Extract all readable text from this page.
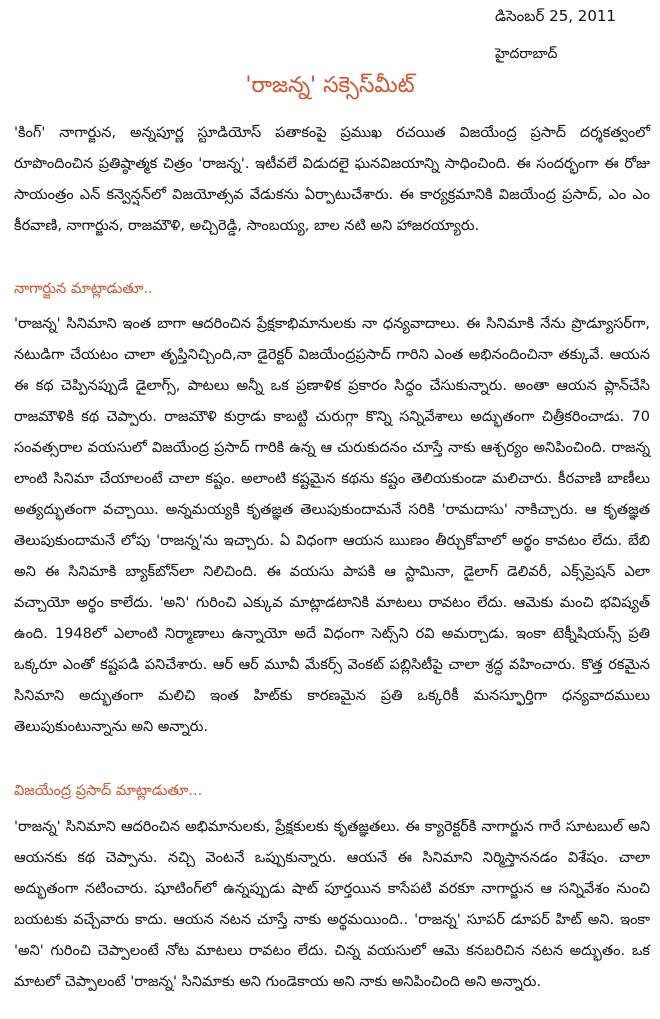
డిసెంబర్ 25, 2011
హైదరాబాద్
'రాజన్న' సక్సెస్‌మీట్

'కింగ్' నాగార్జున, అన్నపూర్ణ స్టూడియోస్ పతాకంపై ప్రముఖ రచయిత విజయేంద్ర ప్రసాద్ దర్శకత్వంలో రూపొందించిన ప్రతిష్ఠాత్మక చిత్రం 'రాజన్న'. ఇటీవలే విడుదలై ఘనవిజయాన్ని సాధించింది. ఈ సందర్భంగా ఈ రోజు సాయంత్రం ఎన్ కన్వెన్షన్‌లో విజయోత్సవ వేడుకను ఏర్పాటుచేశారు. ఈ కార్యక్రమానికి విజయేంద్ర ప్రసాద్, ఎం ఎం కీరవాణి, నాగార్జున, రాజమౌళి, అచ్చిరెడ్డి, సాంబయ్య, బాల నటి అని హాజరయ్యారు.

నాగార్జున మాట్లాడుతూ..

'రాజన్న' సినిమాని ఇంత బాగా ఆదరించిన ప్రేక్షకాభిమానులకు నా ధన్యవాదాలు. ఈ సినిమాకి నేను ప్రొడ్యూసర్‌గా, నటుడిగా చేయటం చాలా తృప్తినిచ్చింది,నా డైరెక్టర్ విజయేంద్రప్రసాద్ గారిని ఎంత అభినందించినా తక్కువే. ఆయన ఈ కథ చెప్పినప్పుడే డైలాగ్స్, పాటలు అన్నీ ఒక ప్రణాళిక ప్రకారం సిద్ధం చేసుకున్నారు. అంతా ఆయన ప్లాన్‌చేసి రాజమౌళికి కథ చెప్పారు. రాజమౌళి కుర్రాడు కాబట్టి చురుగ్గా కొన్ని సన్నివేశాలు అద్భుతంగా చిత్రీకరించాడు. 70 సంవత్సరాల వయసులో విజయేంద్ర ప్రసాద్ గారికి ఉన్న ఆ చురుకుదనం చూస్తే నాకు ఆశ్చర్యం అనిపించింది. రాజన్న లాంటి సినిమా చేయాలంటే చాలా కష్టం. అలాంటి కష్టమైన కథను కష్టం తెలియకుండా మలిచారు. కీరవాణి బాణీలు అత్యద్భుతంగా వచ్చాయి. అన్నమయ్యకి కృతజ్ఞత తెలుపుకుందామనే సరికి 'రామదాసు' నాకిచ్చారు. ఆ కృతజ్ఞత తెలుపుకుందామనే లోపు 'రాజన్న'ను ఇచ్చారు. ఏ విధంగా ఆయన ఋణం తీర్చుకోవాలో అర్థం కావటం లేదు. బేబి అని ఈ సినిమాకి బ్యాక్‌బోన్‌లా నిలిచింది. ఈ వయసు పాపకి ఆ స్టామినా, డైలాగ్ డెలివరీ, ఎక్స్‌ప్రెషన్ ఎలా వచ్చాయో అర్థం కాలేదు. 'అని' గురించి ఎక్కువ మాట్లాడటానికి మాటలు రావటం లేదు. ఆమెకు మంచి భవిష్యత్ ఉంది. 1948లో ఎలాంటి నిర్మాణాలు ఉన్నాయో అదే విధంగా సెట్స్‌ని రవి అమర్చాడు. ఇంకా టెక్నీషియన్స్ ప్రతి ఒక్కరూ ఎంతో కష్టపడి పనిచేశారు. ఆర్ ఆర్ మూవీ మేకర్స్ వెంకట్ పబ్లిసిటీపై చాలా శ్రద్ధ వహించారు. కొత్త రకమైన సినిమాని అద్భుతంగా మలిచి ఇంత హిట్‌కు కారణమైన ప్రతి ఒక్కరికీ మనస్ఫూర్తిగా ధన్యవాదములు తెలుపుకుంటున్నాను అని అన్నారు.

విజయేంద్ర ప్రసాద్ మాట్లాడుతూ...

'రాజన్న' సినిమాని ఆదరించిన అభిమానులకు, ప్రేక్షకులకు కృతజ్ఞతలు. ఈ క్యారెక్టర్‌కి నాగార్జున గారే సూటబుల్ అని ఆయనకు కథ చెప్పాను. నచ్చి వెంటనే ఒప్పుకున్నారు. ఆయనే ఈ సినిమాని నిర్మిస్తాననడం విశేషం. చాలా అద్భుతంగా నటించారు. షూటింగ్‌లో ఉన్నప్పుడు షాట్ పూర్తయిన కాసేపటి వరకూ నాగార్జున ఆ సన్నివేశం నుంచి బయటకు వచ్చేవారు కాదు. ఆయన నటన చూస్తే నాకు అర్థమయింది.. 'రాజన్న' సూపర్ డూపర్ హిట్ అని. ఇంకా 'అని' గురించి చెప్పాలంటే నోట మాటలు రావటం లేదు. చిన్న వయసులో ఆమె కనబరిచిన నటన అద్భుతం. ఒక మాటలో చెప్పాలంటే 'రాజన్న' సినిమాకు అని గుండెకాయ అని నాకు అనిపించింది అని అన్నారు.
